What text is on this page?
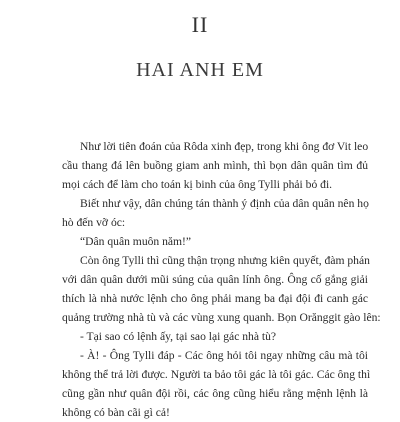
II
HAI ANH EM
Như lời tiên đoán của Rôda xinh đẹp, trong khi ông đơ Vit leo
cầu thang đá lên buồng giam anh mình, thì bọn dân quân tìm đủ
mọi cách để làm cho toán kị binh của ông Tylli phải bỏ đi.
Biết như vậy, dân chúng tán thành ý định của dân quân nên họ
hò đến vỡ óc:
“Dân quân muôn năm!”
Còn ông Tylli thì cũng thận trọng nhưng kiên quyết, đàm phán
với dân quân dưới mũi súng của quân lính ông. Ông cố gắng giải
thích là nhà nước lệnh cho ông phải mang ba đại đội đi canh gác
quảng trường nhà tù và các vùng xung quanh. Bọn Orănggit gào lên:
- Tại sao có lệnh ấy, tại sao lại gác nhà tù?
- À! - Ông Tylli đáp - Các ông hỏi tôi ngay những câu mà tôi
không thể trả lời được. Người ta bảo tôi gác là tôi gác. Các ông thì
cũng gần như quân đội rồi, các ông cũng hiểu rằng mệnh lệnh là
không có bàn cãi gì cả!
